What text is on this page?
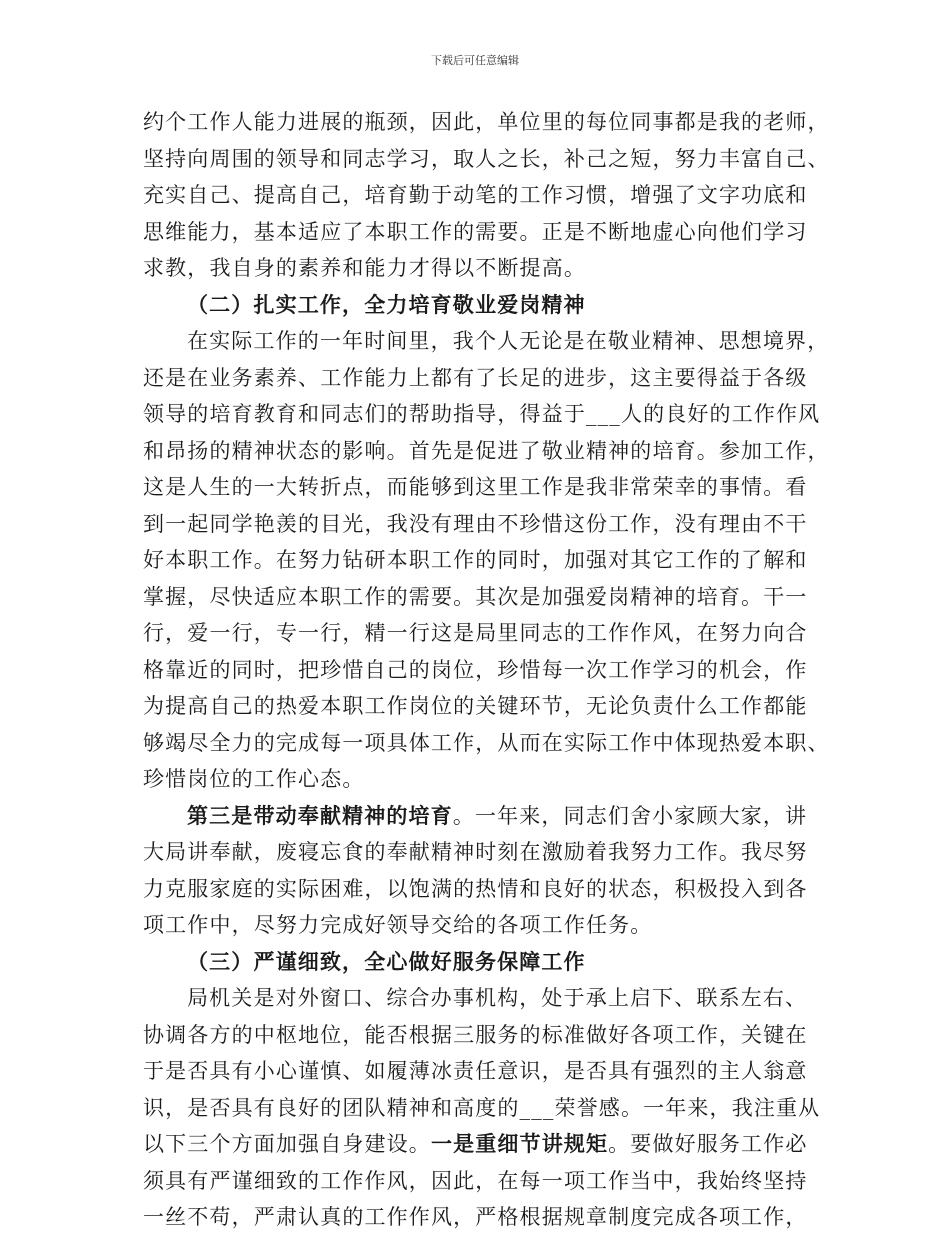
下载后可任意编辑
约个工作人能力进展的瓶颈，因此，单位里的每位同事都是我的老师，
坚持向周围的领导和同志学习，取人之长，补己之短，努力丰富自己、
充实自己、提高自己，培育勤于动笔的工作习惯，增强了文字功底和
思维能力，基本适应了本职工作的需要。正是不断地虚心向他们学习
求教，我自身的素养和能力才得以不断提高。
（二）扎实工作，全力培育敬业爱岗精神
在实际工作的一年时间里，我个人无论是在敬业精神、思想境界，
还是在业务素养、工作能力上都有了长足的进步，这主要得益于各级
领导的培育教育和同志们的帮助指导，得益于___人的良好的工作作风
和昂扬的精神状态的影响。首先是促进了敬业精神的培育。参加工作，
这是人生的一大转折点，而能够到这里工作是我非常荣幸的事情。看
到一起同学艳羡的目光，我没有理由不珍惜这份工作，没有理由不干
好本职工作。在努力钻研本职工作的同时，加强对其它工作的了解和
掌握，尽快适应本职工作的需要。其次是加强爱岗精神的培育。干一
行，爱一行，专一行，精一行这是局里同志的工作作风，在努力向合
格靠近的同时，把珍惜自己的岗位，珍惜每一次工作学习的机会，作
为提高自己的热爱本职工作岗位的关键环节，无论负责什么工作都能
够竭尽全力的完成每一项具体工作，从而在实际工作中体现热爱本职、
珍惜岗位的工作心态。
第三是带动奉献精神的培育。一年来，同志们舍小家顾大家，讲
大局讲奉献，废寝忘食的奉献精神时刻在激励着我努力工作。我尽努
力克服家庭的实际困难，以饱满的热情和良好的状态，积极投入到各
项工作中，尽努力完成好领导交给的各项工作任务。
（三）严谨细致，全心做好服务保障工作
局机关是对外窗口、综合办事机构，处于承上启下、联系左右、
协调各方的中枢地位，能否根据三服务的标准做好各项工作，关键在
于是否具有小心谨慎、如履薄冰责任意识，是否具有强烈的主人翁意
识，是否具有良好的团队精神和高度的___荣誉感。一年来，我注重从
以下三个方面加强自身建设。一是重细节讲规矩。要做好服务工作必
须具有严谨细致的工作作风，因此，在每一项工作当中，我始终坚持
一丝不苟，严肃认真的工作作风，严格根据规章制度完成各项工作，
